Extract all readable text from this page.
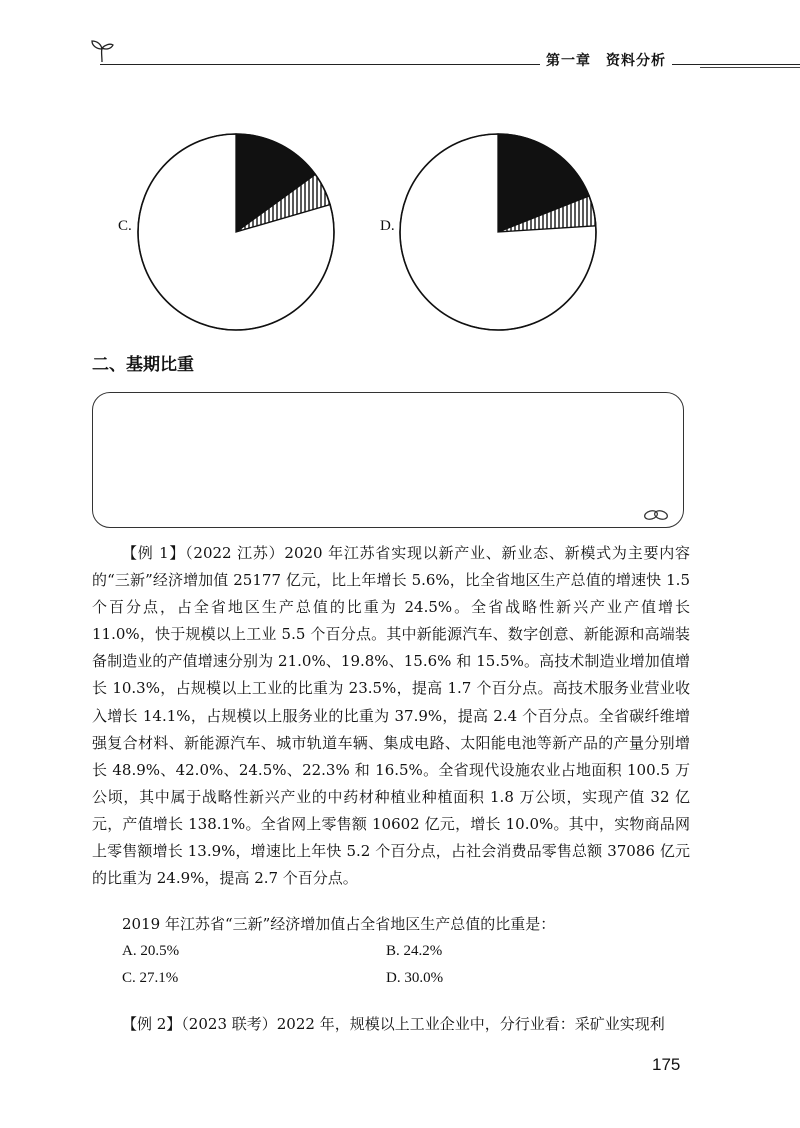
第一章　资料分析
C.	D.
二、基期比重
【例 1】（2022 江苏）2020 年江苏省实现以新产业、新业态、新模式为主要内容的“三新”经济增加值 25177 亿元，比上年增长 5.6%，比全省地区生产总值的增速快 1.5 个百分点，占全省地区生产总值的比重为 24.5%。全省战略性新兴产业产值增长 11.0%，快于规模以上工业 5.5 个百分点。其中新能源汽车、数字创意、新能源和高端装备制造业的产值增速分别为 21.0%、19.8%、15.6% 和 15.5%。高技术制造业增加值增长 10.3%，占规模以上工业的比重为 23.5%，提高 1.7 个百分点。高技术服务业营业收入增长 14.1%，占规模以上服务业的比重为 37.9%，提高 2.4 个百分点。全省碳纤维增强复合材料、新能源汽车、城市轨道车辆、集成电路、太阳能电池等新产品的产量分别增长 48.9%、42.0%、24.5%、22.3% 和 16.5%。全省现代设施农业占地面积 100.5 万公顷，其中属于战略性新兴产业的中药材种植业种植面积 1.8 万公顷，实现产值 32 亿元，产值增长 138.1%。全省网上零售额 10602 亿元，增长 10.0%。其中，实物商品网上零售额增长 13.9%，增速比上年快 5.2 个百分点，占社会消费品零售总额 37086 亿元的比重为 24.9%，提高 2.7 个百分点。
2019 年江苏省“三新”经济增加值占全省地区生产总值的比重是：
A. 20.5%	B. 24.2%
C. 27.1%	D. 30.0%
【例 2】（2023 联考）2022 年，规模以上工业企业中，分行业看：采矿业实现利
175
